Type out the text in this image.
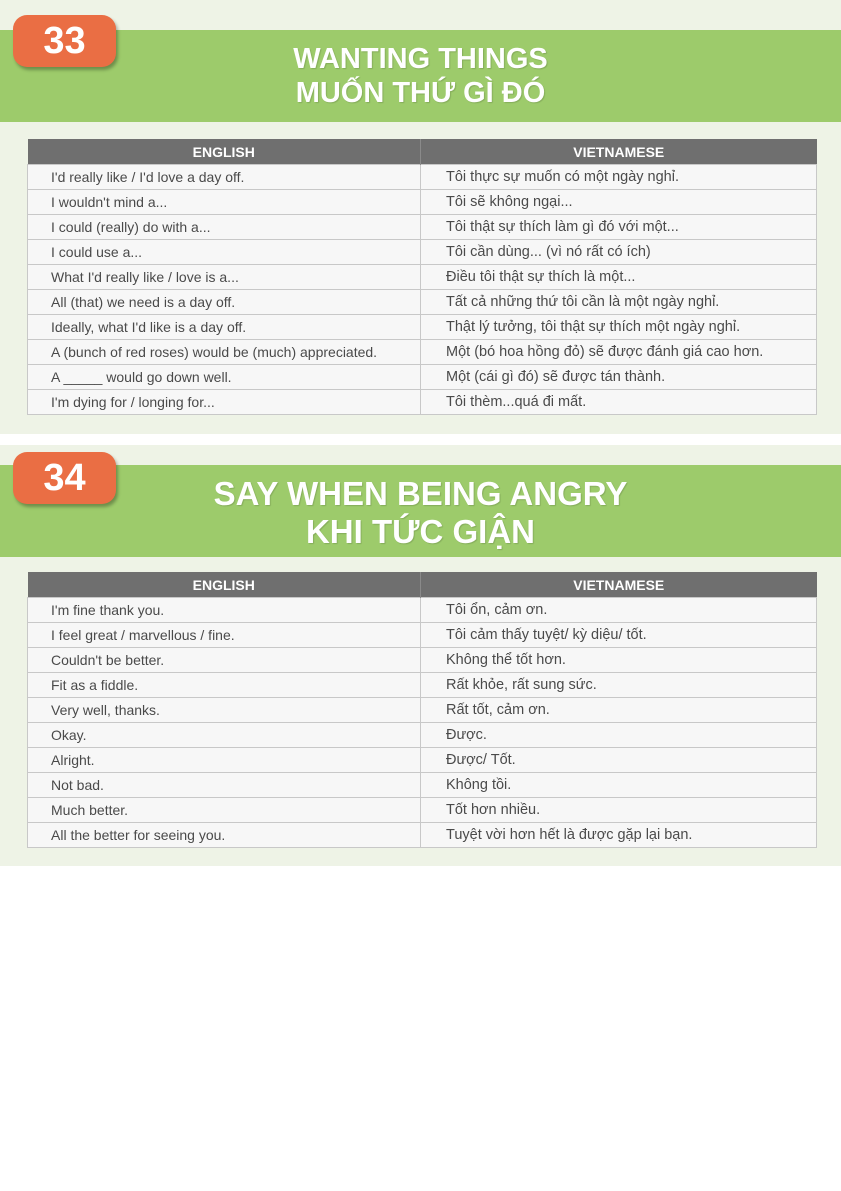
33	WANTING THINGS
MUỐN THỨ GÌ ĐÓ
ENGLISH	VIETNAMESE
I'd really like / I'd love a day off.	Tôi thực sự muốn có một ngày nghỉ.
I wouldn't mind a...	Tôi sẽ không ngại...
I could (really) do with a...	Tôi thật sự thích làm gì đó với một...
I could use a...	Tôi cần dùng... (vì nó rất có ích)
What I'd really like / love is a...	Điều tôi thật sự thích là một...
All (that) we need is a day off.	Tất cả những thứ tôi cần là một ngày nghỉ.
Ideally, what I'd like is a day off.	Thật lý tưởng, tôi thật sự thích một ngày nghỉ.
A (bunch of red roses) would be (much) appreciated.	Một (bó hoa hồng đỏ) sẽ được đánh giá cao hơn.
A _____ would go down well.	Một (cái gì đó) sẽ được tán thành.
I'm dying for / longing for...	Tôi thèm...quá đi mất.
34	SAY WHEN BEING ANGRY
KHI TỨC GIẬN
ENGLISH	VIETNAMESE
I'm fine thank you.	Tôi ổn, cảm ơn.
I feel great / marvellous / fine.	Tôi cảm thấy tuyệt/ kỳ diệu/ tốt.
Couldn't be better.	Không thể tốt hơn.
Fit as a fiddle.	Rất khỏe, rất sung sức.
Very well, thanks.	Rất tốt, cảm ơn.
Okay.	Được.
Alright.	Được/ Tốt.
Not bad.	Không tồi.
Much better.	Tốt hơn nhiều.
All the better for seeing you.	Tuyệt vời hơn hết là được gặp lại bạn.
